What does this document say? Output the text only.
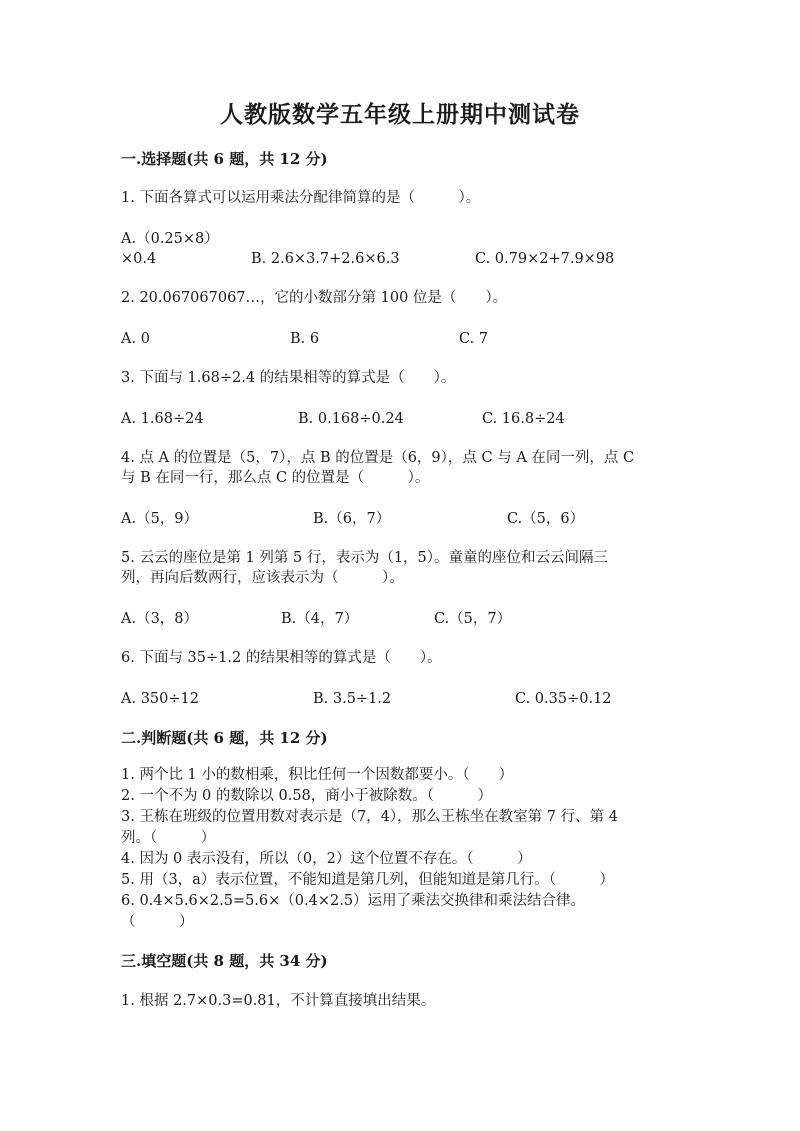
人教版数学五年级上册期中测试卷
一.选择题(共 6 题，共 12 分)
1. 下面各算式可以运用乘法分配律简算的是（　　　）。
A.（0.25×8）
×0.4	B. 2.6×3.7+2.6×6.3	C. 0.79×2+7.9×98
2. 20.067067067…，它的小数部分第 100 位是（　　）。
A. 0	B. 6	C. 7
3. 下面与 1.68÷2.4 的结果相等的算式是（　　）。
A. 1.68÷24	B. 0.168÷0.24	C. 16.8÷24
4. 点 A 的位置是（5，7），点 B 的位置是（6，9），点 C 与 A 在同一列，点 C
与 B 在同一行，那么点 C 的位置是（　　　）。
A.（5，9）	B.（6，7）	C.（5，6）
5. 云云的座位是第 1 列第 5 行，表示为（1，5）。童童的座位和云云间隔三
列，再向后数两行，应该表示为（　　　）。
A.（3，8）	B.（4，7）	C.（5，7）
6. 下面与 35÷1.2 的结果相等的算式是（　　）。
A. 350÷12	B. 3.5÷1.2	C. 0.35÷0.12
二.判断题(共 6 题，共 12 分)
1. 两个比 1 小的数相乘，积比任何一个因数都要小。（　　）
2. 一个不为 0 的数除以 0.58，商小于被除数。（　　　）
3. 王栋在班级的位置用数对表示是（7，4），那么王栋坐在教室第 7 行、第 4
列。（　　　）
4. 因为 0 表示没有，所以（0，2）这个位置不存在。（　　　）
5. 用（3，a）表示位置，不能知道是第几列，但能知道是第几行。（　　　）
6. 0.4×5.6×2.5=5.6×（0.4×2.5）运用了乘法交换律和乘法结合律。
（　　　）
三.填空题(共 8 题，共 34 分)
1. 根据 2.7×0.3=0.81，不计算直接填出结果。
